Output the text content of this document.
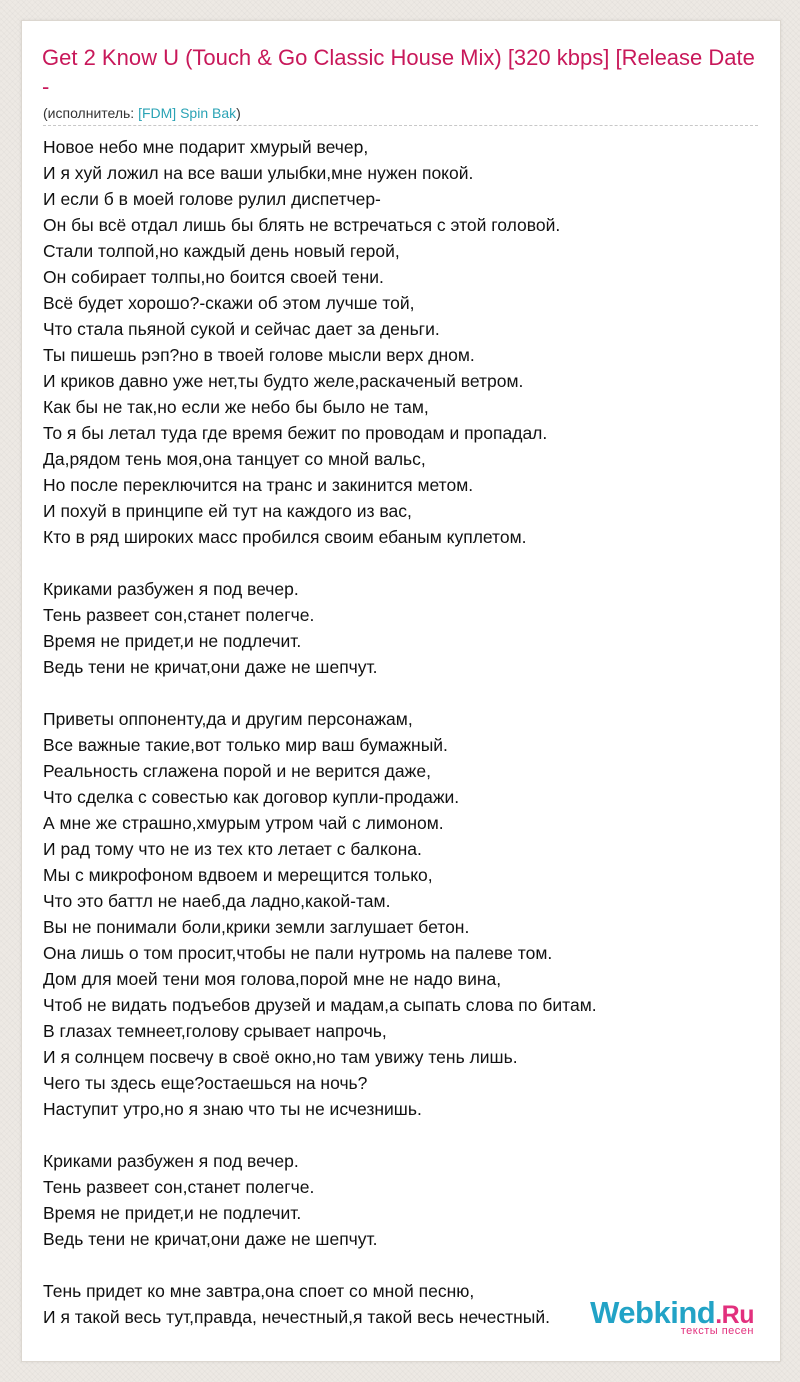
Get 2 Know U (Touch & Go Classic House Mix) [320 kbps] [Release Date -
(исполнитель: [FDM] Spin Bak)
Новое небо мне подарит хмурый вечер,
И я хуй ложил на все ваши улыбки,мне нужен покой.
И если б в моей голове рулил диспетчер-
Он бы всё отдал лишь бы блять не встречаться с этой головой.
Стали толпой,но каждый день новый герой,
Он собирает толпы,но боится своей тени.
Всё будет хорошо?-скажи об этом лучше той,
Что стала пьяной сукой и сейчас дает за деньги.
Ты пишешь рэп?но в твоей голове мысли верх дном.
И криков давно уже нет,ты будто желе,раскаченый ветром.
Как бы не так,но если же небо бы было не там,
То я бы летал туда где время бежит по проводам и пропадал.
Да,рядом тень моя,она танцует со мной вальс,
Но после переключится на транс и закинится метом.
И похуй в принципе ей тут на каждого из вас,
Кто в ряд широких масс пробился своим ебаным куплетом.
Криками разбужен я под вечер.
Тень развеет сон,станет полегче.
Время не придет,и не подлечит.
Ведь тени не кричат,они даже не шепчут.
Приветы оппоненту,да и другим персонажам,
Все важные такие,вот только мир ваш бумажный.
Реальность сглажена порой и не верится даже,
Что сделка с совестью как договор купли-продажи.
А мне же страшно,хмурым утром чай с лимоном.
И рад тому что не из тех кто летает с балкона.
Мы с микрофоном вдвоем и мерещится только,
Что это баттл не наеб,да ладно,какой-там.
Вы не понимали боли,крики земли заглушает бетон.
Она лишь о том просит,чтобы не пали нутромь на палеве том.
Дом для моей тени моя голова,порой мне не надо вина,
Чтоб не видать подъебов друзей и мадам,а сыпать слова по битам.
В глазах темнеет,голову срывает напрочь,
И я солнцем посвечу в своё окно,но там увижу тень лишь.
Чего ты здесь еще?остаешься на ночь?
Наступит утро,но я знаю что ты не исчезнишь.
Криками разбужен я под вечер.
Тень развеет сон,станет полегче.
Время не придет,и не подлечит.
Ведь тени не кричат,они даже не шепчут.
Тень придет ко мне завтра,она споет со мной песню,
И я такой весь тут,правда, нечестный,я такой весь нечестный.	Webkind.Ru
тексты песен
